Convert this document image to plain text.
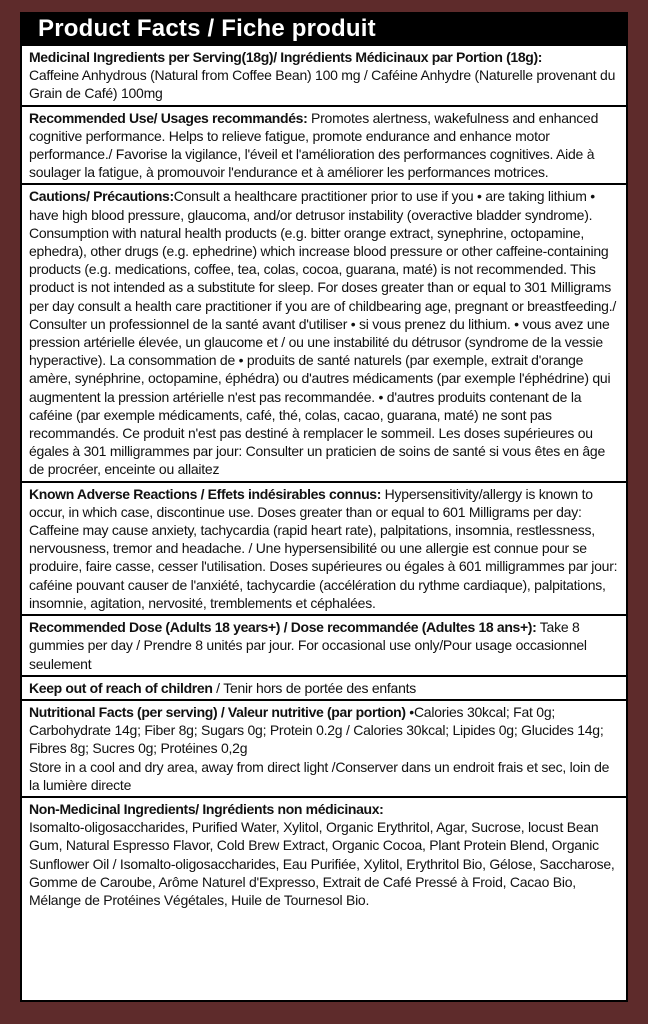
Product Facts / Fiche produit

Medicinal Ingredients per Serving(18g)/ Ingrédients Médicinaux par Portion (18g):

Caffeine Anhydrous (Natural from Coffee Bean) 100 mg / Caféine Anhydre (Naturelle provenant du Grain de Café) 100mg

Recommended Use/ Usages recommandés: Promotes alertness, wakefulness and enhanced cognitive performance. Helps to relieve fatigue, promote endurance and enhance motor performance./ Favorise la vigilance, l'éveil et l'amélioration des performances cognitives. Aide à soulager la fatigue, à promouvoir l'endurance et à améliorer les performances motrices.

Cautions/ Précautions:Consult a healthcare practitioner prior to use if you • are taking lithium • have high blood pressure, glaucoma, and/or detrusor instability (overactive bladder syndrome). Consumption with natural health products (e.g. bitter orange extract, synephrine, octopamine, ephedra), other drugs (e.g. ephedrine) which increase blood pressure or other caffeine-containing products (e.g. medications, coffee, tea, colas, cocoa, guarana, maté) is not recommended. This product is not intended as a substitute for sleep. For doses greater than or equal to 301 Milligrams per day consult a health care practitioner if you are of childbearing age, pregnant or breastfeeding./ Consulter un professionnel de la santé avant d'utiliser • si vous prenez du lithium. • vous avez une pression artérielle élevée, un glaucome et / ou une instabilité du détrusor (syndrome de la vessie hyperactive). La consommation de • produits de santé naturels (par exemple, extrait d'orange amère, synéphrine, octopamine, éphédra) ou d'autres médicaments (par exemple l'éphédrine) qui augmentent la pression artérielle n'est pas recommandée. • d'autres produits contenant de la caféine (par exemple médicaments, café, thé, colas, cacao, guarana, maté) ne sont pas recommandés. Ce produit n'est pas destiné à remplacer le sommeil. Les doses supérieures ou égales à 301 milligrammes par jour: Consulter un praticien de soins de santé si vous êtes en âge de procréer, enceinte ou allaitez

Known Adverse Reactions / Effets indésirables connus: Hypersensitivity/allergy is known to occur, in which case, discontinue use. Doses greater than or equal to 601 Milligrams per day: Caffeine may cause anxiety, tachycardia (rapid heart rate), palpitations, insomnia, restlessness, nervousness, tremor and headache. / Une hypersensibilité ou une allergie est connue pour se produire, faire casse, cesser l'utilisation. Doses supérieures ou égales à 601 milligrammes par jour: caféine pouvant causer de l'anxiété, tachycardie (accélération du rythme cardiaque), palpitations, insomnie, agitation, nervosité, tremblements et céphalées.

Recommended Dose (Adults 18 years+) / Dose recommandée (Adultes 18 ans+): Take 8 gummies per day / Prendre 8 unités par jour. For occasional use only/Pour usage occasionnel seulement

Keep out of reach of children / Tenir hors de portée des enfants

Nutritional Facts (per serving) / Valeur nutritive (par portion) •Calories 30kcal; Fat 0g; Carbohydrate 14g; Fiber 8g; Sugars 0g; Protein 0.2g / Calories 30kcal; Lipides 0g; Glucides 14g; Fibres 8g; Sucres 0g; Protéines 0,2g

Store in a cool and dry area, away from direct light /Conserver dans un endroit frais et sec, loin de la lumière directe

Non-Medicinal Ingredients/ Ingrédients non médicinaux:

Isomalto-oligosaccharides, Purified Water, Xylitol, Organic Erythritol, Agar, Sucrose, locust Bean Gum, Natural Espresso Flavor, Cold Brew Extract, Organic Cocoa, Plant Protein Blend, Organic Sunflower Oil / Isomalto-oligosaccharides, Eau Purifiée, Xylitol, Erythritol Bio, Gélose, Saccharose, Gomme de Caroube, Arôme Naturel d'Expresso, Extrait de Café Pressé à Froid, Cacao Bio, Mélange de Protéines Végétales, Huile de Tournesol Bio.
